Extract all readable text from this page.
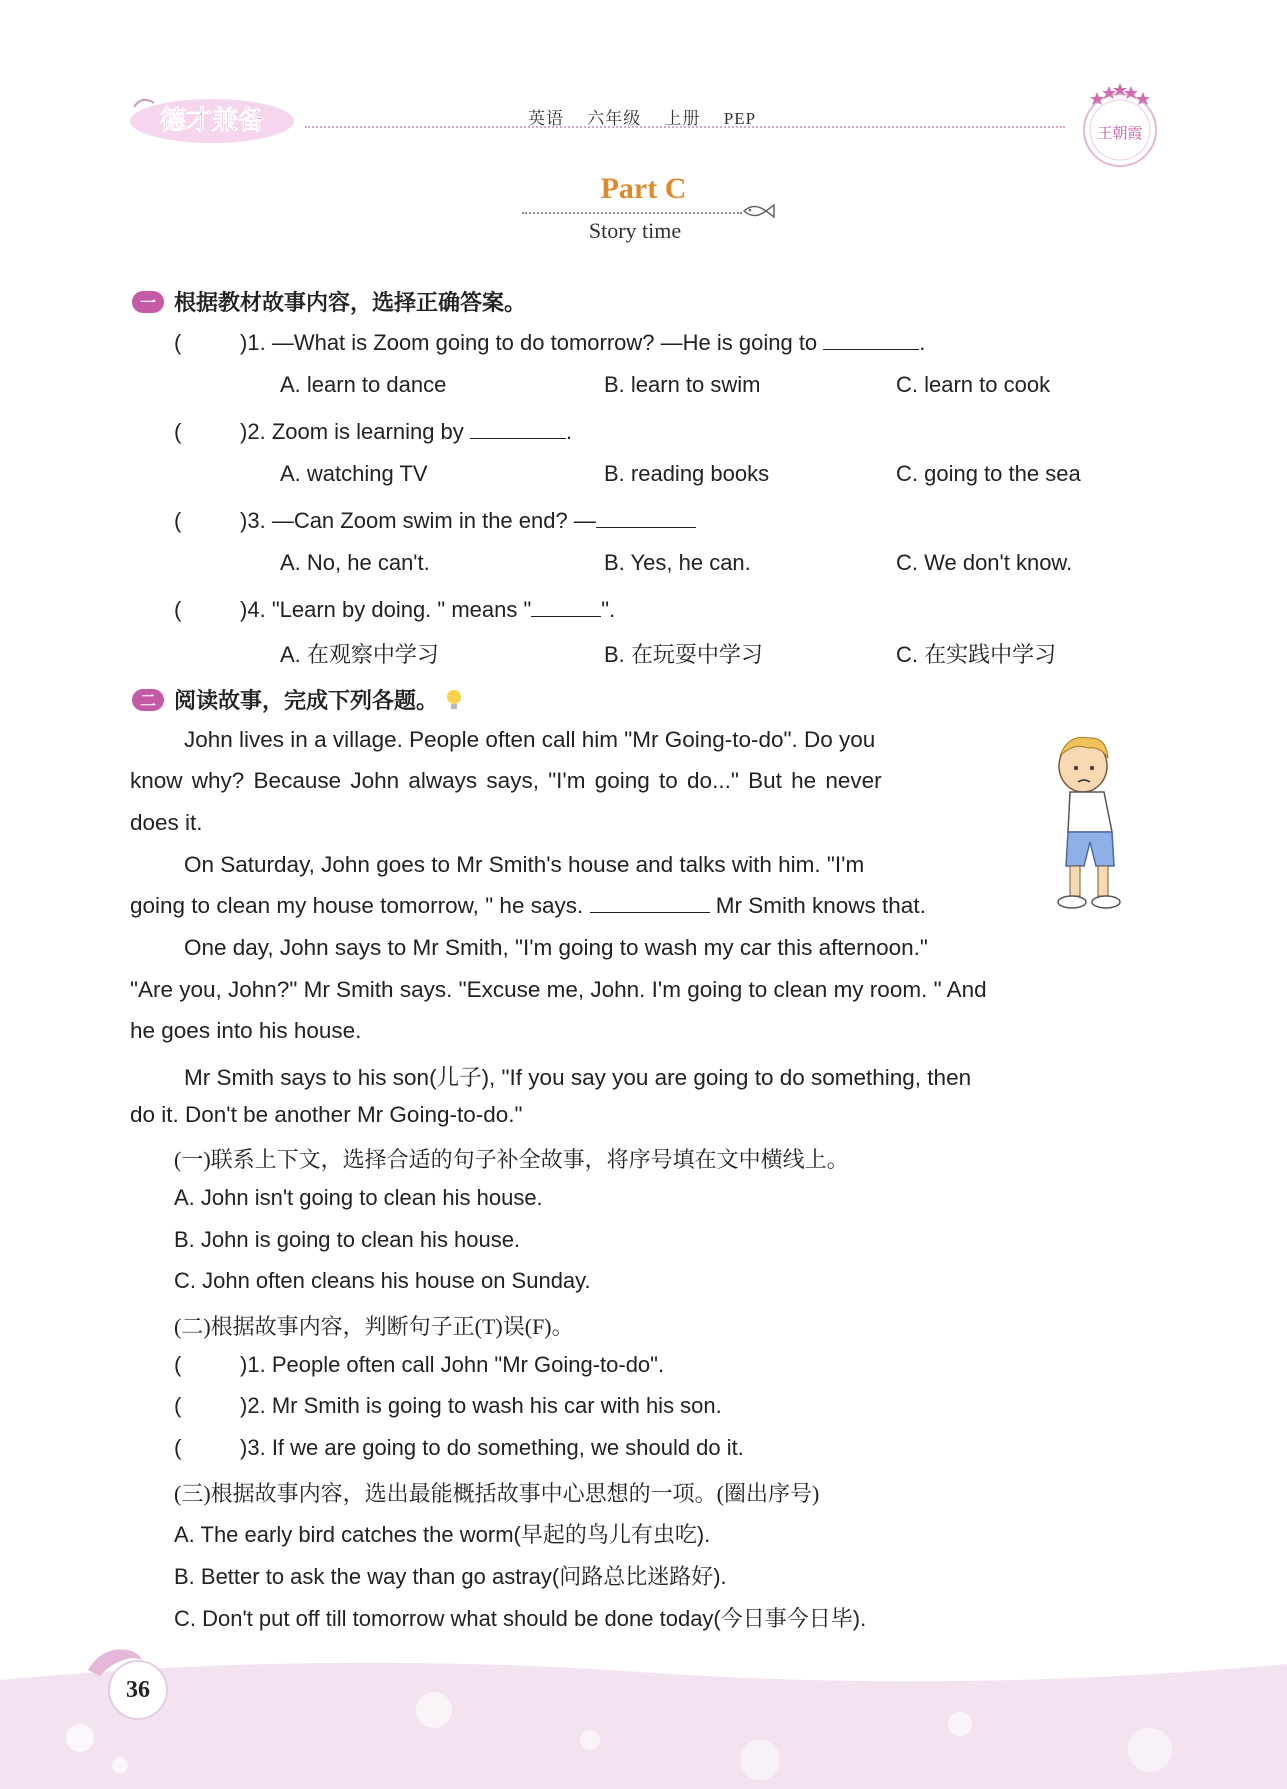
德才兼备	英语 六年级 上册 PEP
王朝霞
Part C
Story time
一 根据教材故事内容，选择正确答案。
(	)1. —What is Zoom going to do tomorrow? —He is going to	.
A. learn to dance	B. learn to swim	C. learn to cook
(	)2. Zoom is learning by	.
A. watching TV	B. reading books	C. going to the sea
(	)3. —Can Zoom swim in the end? —
A. No, he can't.	B. Yes, he can.	C. We don't know.
(	)4. "Learn by doing. " means "	".
A. 在观察中学习	B. 在玩耍中学习	C. 在实践中学习
二 阅读故事，完成下列各题。
John lives in a village. People often call him "Mr Going-to-do". Do you
know why? Because John always says, "I'm going to do..." But he never
does it.
On Saturday, John goes to Mr Smith's house and talks with him. "I'm
going to clean my house tomorrow, " he says.	Mr Smith knows that.
One day, John says to Mr Smith, "I'm going to wash my car this afternoon."
"Are you, John?" Mr Smith says. "Excuse me, John. I'm going to clean my room. " And
he goes into his house.
Mr Smith says to his son(儿子), "If you say you are going to do something, then
do it. Don't be another Mr Going-to-do."
(一)联系上下文，选择合适的句子补全故事，将序号填在文中横线上。
A. John isn't going to clean his house.
B. John is going to clean his house.
C. John often cleans his house on Sunday.
(二)根据故事内容，判断句子正(T)误(F)。
(	)1. People often call John "Mr Going-to-do".
(	)2. Mr Smith is going to wash his car with his son.
(	)3. If we are going to do something, we should do it.
(三)根据故事内容，选出最能概括故事中心思想的一项。(圈出序号)
A. The early bird catches the worm(早起的鸟儿有虫吃).
B. Better to ask the way than go astray(问路总比迷路好).
C. Don't put off till tomorrow what should be done today(今日事今日毕).
36
